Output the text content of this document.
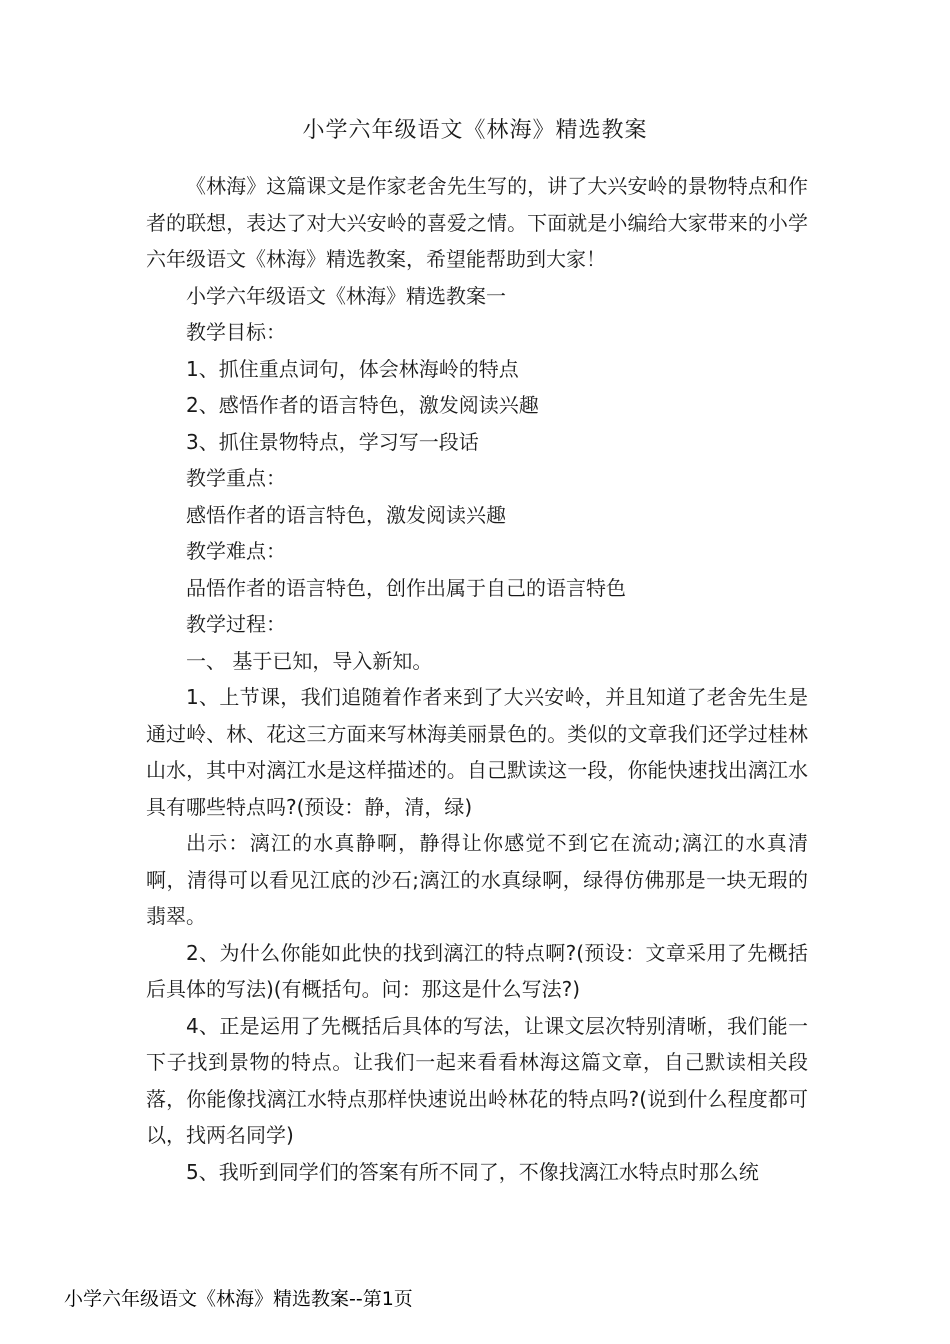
小学六年级语文《林海》精选教案

《林海》这篇课文是作家老舍先生写的，讲了大兴安岭的景物特点和作者的联想，表达了对大兴安岭的喜爱之情。下面就是小编给大家带来的小学六年级语文《林海》精选教案，希望能帮助到大家！

小学六年级语文《林海》精选教案一

教学目标：

1、抓住重点词句，体会林海岭的特点

2、感悟作者的语言特色，激发阅读兴趣

3、抓住景物特点，学习写一段话

教学重点：

感悟作者的语言特色，激发阅读兴趣

教学难点：

品悟作者的语言特色，创作出属于自己的语言特色

教学过程：

一、 基于已知，导入新知。

1、上节课，我们追随着作者来到了大兴安岭，并且知道了老舍先生是通过岭、林、花这三方面来写林海美丽景色的。类似的文章我们还学过桂林山水，其中对漓江水是这样描述的。自己默读这一段，你能快速找出漓江水具有哪些特点吗?(预设：静，清，绿)

出示：漓江的水真静啊，静得让你感觉不到它在流动;漓江的水真清啊，清得可以看见江底的沙石;漓江的水真绿啊，绿得仿佛那是一块无瑕的翡翠。

2、为什么你能如此快的找到漓江的特点啊?(预设：文章采用了先概括后具体的写法)(有概括句。问：那这是什么写法?)

4、正是运用了先概括后具体的写法，让课文层次特别清晰，我们能一下子找到景物的特点。让我们一起来看看林海这篇文章，自己默读相关段落，你能像找漓江水特点那样快速说出岭林花的特点吗?(说到什么程度都可以，找两名同学)

5、我听到同学们的答案有所不同了，不像找漓江水特点时那么统

小学六年级语文《林海》精选教案--第1页
